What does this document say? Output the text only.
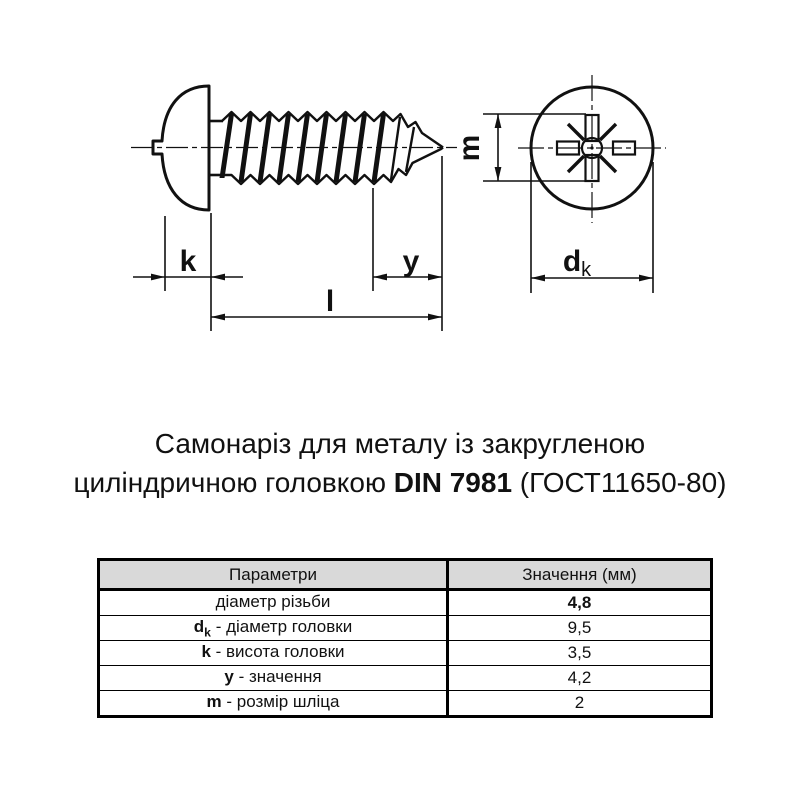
k	y
l
m
dk
Самонаріз для металу із закругленою
циліндричною головкою DIN 7981 (ГОСТ11650-80)
Параметри	Значення (мм)
діаметр різьби	4,8
$d_k$ - діаметр головки	9,5
k - висота головки	3,5
y - значення	4,2
m - розмір шліца	2
